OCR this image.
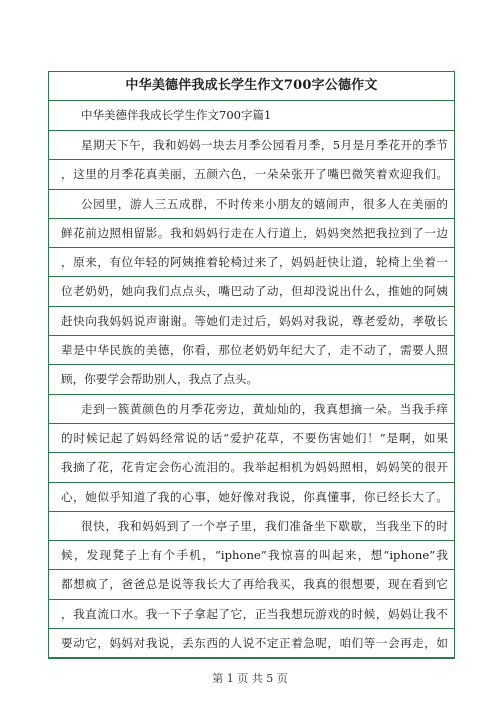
中华美德伴我成长学生作文700字公德作文
中华美德伴我成长学生作文700字篇1
星期天下午，我和妈妈一块去月季公园看月季，5月是月季花开的季节
，这里的月季花真美丽，五颜六色，一朵朵张开了嘴巴微笑着欢迎我们。
公园里，游人三五成群，不时传来小朋友的嬉闹声，很多人在美丽的
鲜花前边照相留影。我和妈妈行走在人行道上，妈妈突然把我拉到了一边
，原来，有位年轻的阿姨推着轮椅过来了，妈妈赶快让道，轮椅上坐着一
位老奶奶，她向我们点点头，嘴巴动了动，但却没说出什么，推她的阿姨
赶快向我妈妈说声谢谢。等她们走过后，妈妈对我说，尊老爱幼，孝敬长
辈是中华民族的美德，你看，那位老奶奶年纪大了，走不动了，需要人照
顾，你要学会帮助别人，我点了点头。
走到一簇黄颜色的月季花旁边，黄灿灿的，我真想摘一朵。当我手痒
的时候记起了妈妈经常说的话“爱护花草，不要伤害她们！”是啊，如果
我摘了花，花肯定会伤心流泪的。我举起相机为妈妈照相，妈妈笑的很开
心，她似乎知道了我的心事，她好像对我说，你真懂事，你已经长大了。
很快，我和妈妈到了一个亭子里，我们准备坐下歇歇，当我坐下的时
候，发现凳子上有个手机，“iphone”我惊喜的叫起来，想“iphone”我
都想疯了，爸爸总是说等我长大了再给我买，我真的很想要，现在看到它
，我直流口水。我一下子拿起了它，正当我想玩游戏的时候，妈妈让我不
要动它，妈妈对我说，丢东西的人说不定正着急呢，咱们等一会再走，如
第 1 页 共 5 页
